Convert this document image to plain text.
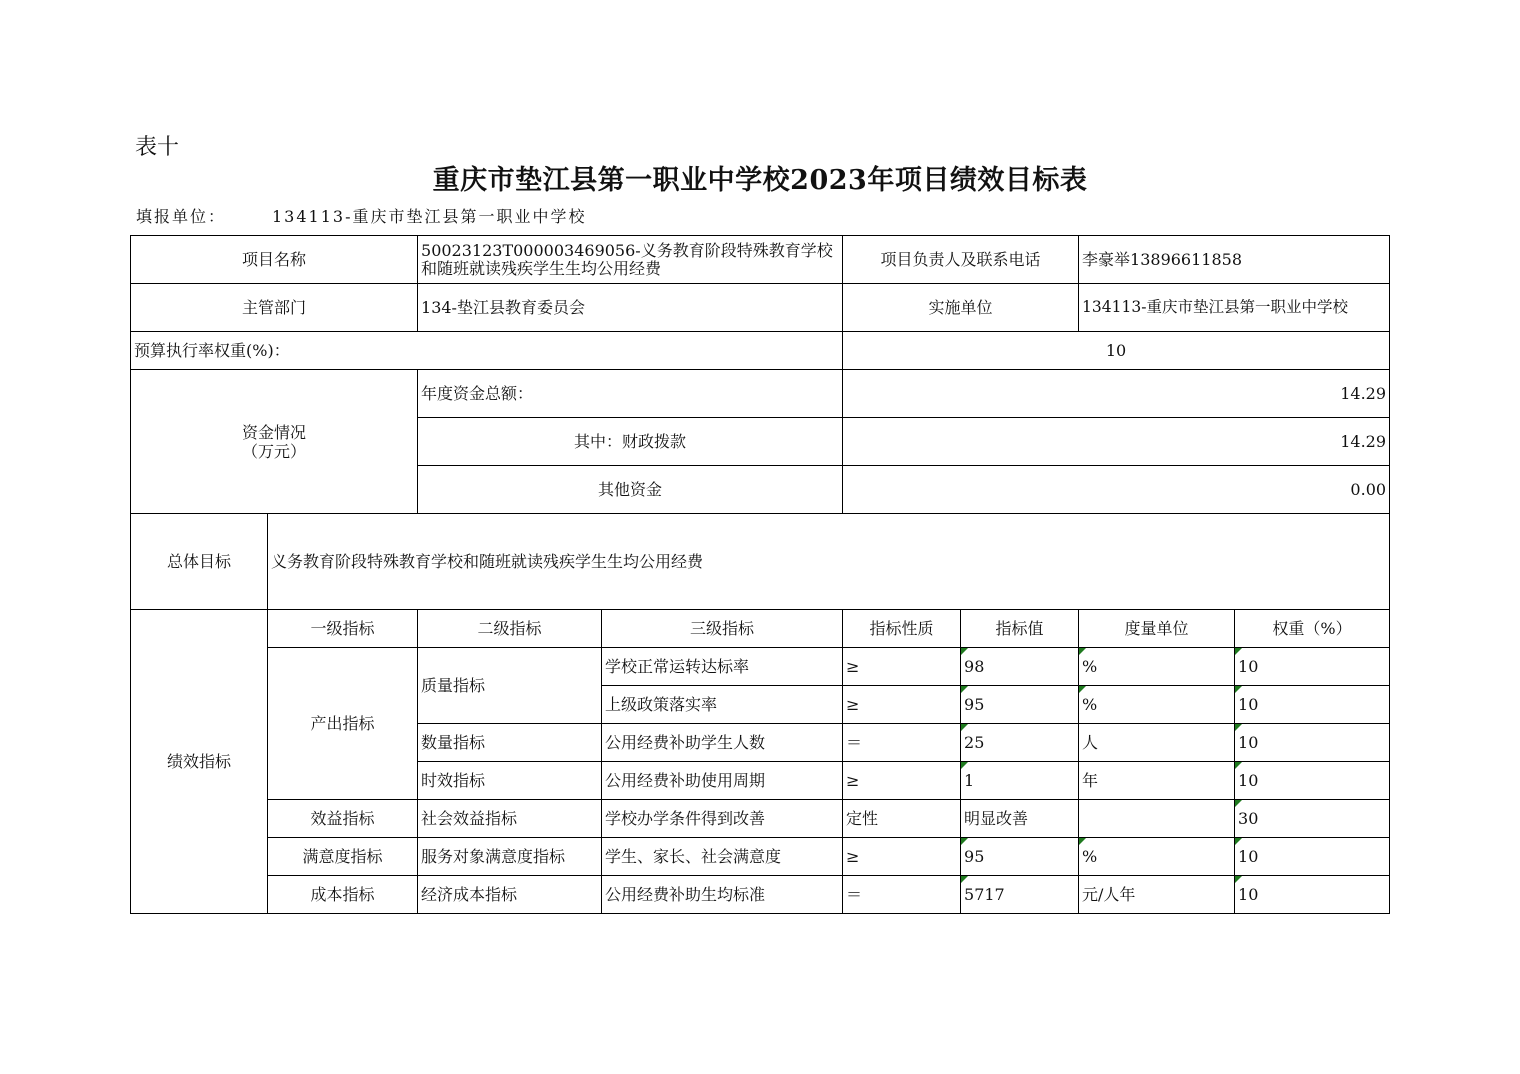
表十
重庆市垫江县第一职业中学校2023年项目绩效目标表
填报单位：	134113-重庆市垫江县第一职业中学校
项目名称		50023123T000003469056-义务教育阶段特殊教育学校和随班就读残疾学生生均公用经费		项目负责人及联系电话		李豪举13896611858	
主管部门		134-垫江县教育委员会		实施单位		134113-重庆市垫江县第一职业中学校	
预算执行率权重(%)：				10			

资金情况
（万元）		年度资金总额：		14.29			
		其中：财政拨款		14.29			
		其他资金		0.00			
总体目标	义务教育阶段特殊教育学校和随班就读残疾学生生均公用经费						
绩效指标	一级指标	二级指标	三级指标	指标性质	指标值	度量单位	权重（%）
	产出指标	质量指标	学校正常运转达标率	≥	98	%	10
			上级政策落实率	≥	95	%	10
		数量指标	公用经费补助学生人数	＝	25	人	10
		时效指标	公用经费补助使用周期	≥	1	年	10
	效益指标	社会效益指标	学校办学条件得到改善	定性	明显改善		30
	满意度指标	服务对象满意度指标	学生、家长、社会满意度	≥	95	%	10
	成本指标	经济成本指标	公用经费补助生均标准	＝	5717	元/人年	10
